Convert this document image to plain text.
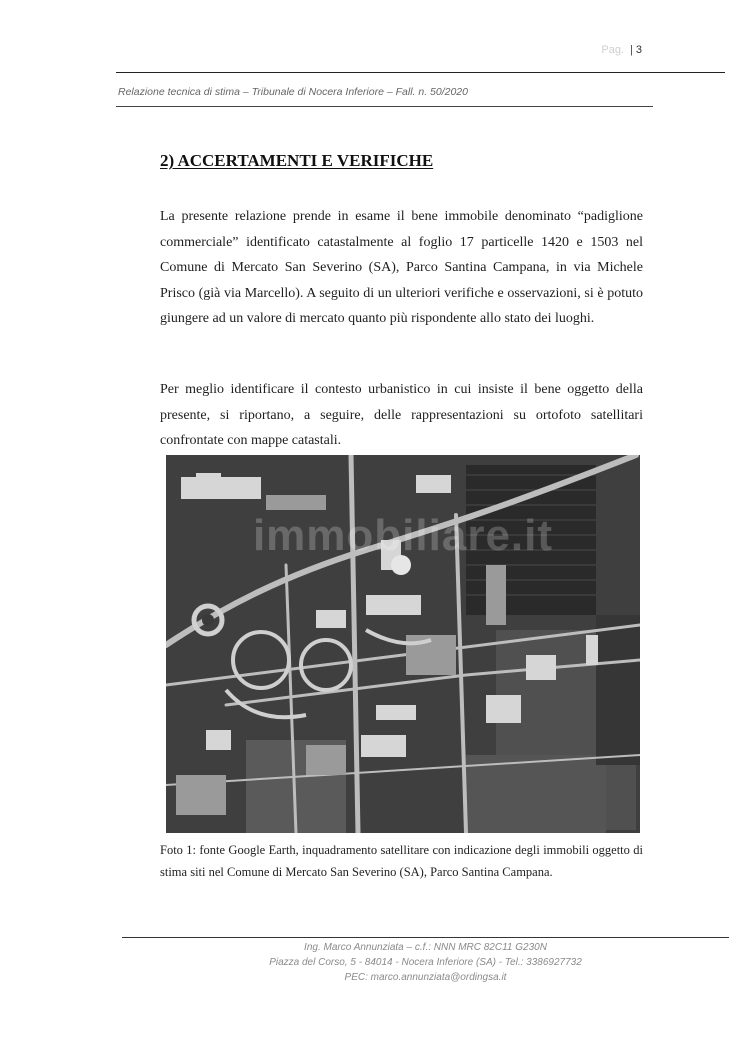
Pag. | 3
Relazione tecnica di stima – Tribunale di Nocera Inferiore – Fall. n. 50/2020
2) ACCERTAMENTI E VERIFICHE
La presente relazione prende in esame il bene immobile denominato “padiglione commerciale” identificato catastalmente al foglio 17 particelle 1420 e 1503 nel Comune di Mercato San Severino (SA), Parco Santina Campana, in via Michele Prisco (già via Marcello). A seguito di un ulteriori verifiche e osservazioni, si è potuto giungere ad un valore di mercato quanto più rispondente allo stato dei luoghi.
Per meglio identificare il contesto urbanistico in cui insiste il bene oggetto della presente, si riportano, a seguire, delle rappresentazioni su ortofoto satellitari confrontate con mappe catastali.
immobiliare.it
Foto 1: fonte Google Earth, inquadramento satellitare con indicazione degli immobili oggetto di stima siti nel Comune di Mercato San Severino (SA), Parco Santina Campana.
Ing. Marco Annunziata – c.f.: NNN MRC 82C11 G230N
Piazza del Corso, 5 - 84014 - Nocera Inferiore (SA) - Tel.: 3386927732
PEC: marco.annunziata@ordingsa.it
